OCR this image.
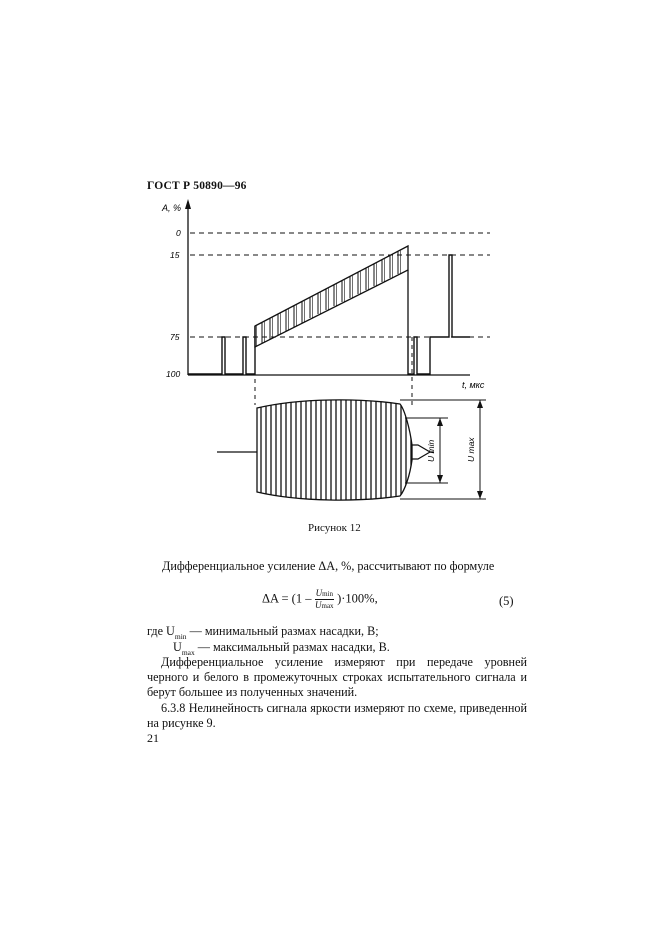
ГОСТ Р 50890—96
A, %
t, мкс
0
15
75
100
U min	U max
Рисунок 12
Дифференциальное усиление ΔA, %, рассчитывают по формуле
$\Delta A = (1 - \frac{Umin}{Umax} )\cdot 100\%$,	(5)
где $U_{min}$ — минимальный размах насадки, В;
$U_{max}$ — максимальный размах насадки, В.
Дифференциальное усиление измеряют при передаче уровней черного и белого в промежуточных строках испытательного сигнала и берут большее из полученных значений.
6.3.8 Нелинейность сигнала яркости измеряют по схеме, приведенной на рисунке 9.
21
